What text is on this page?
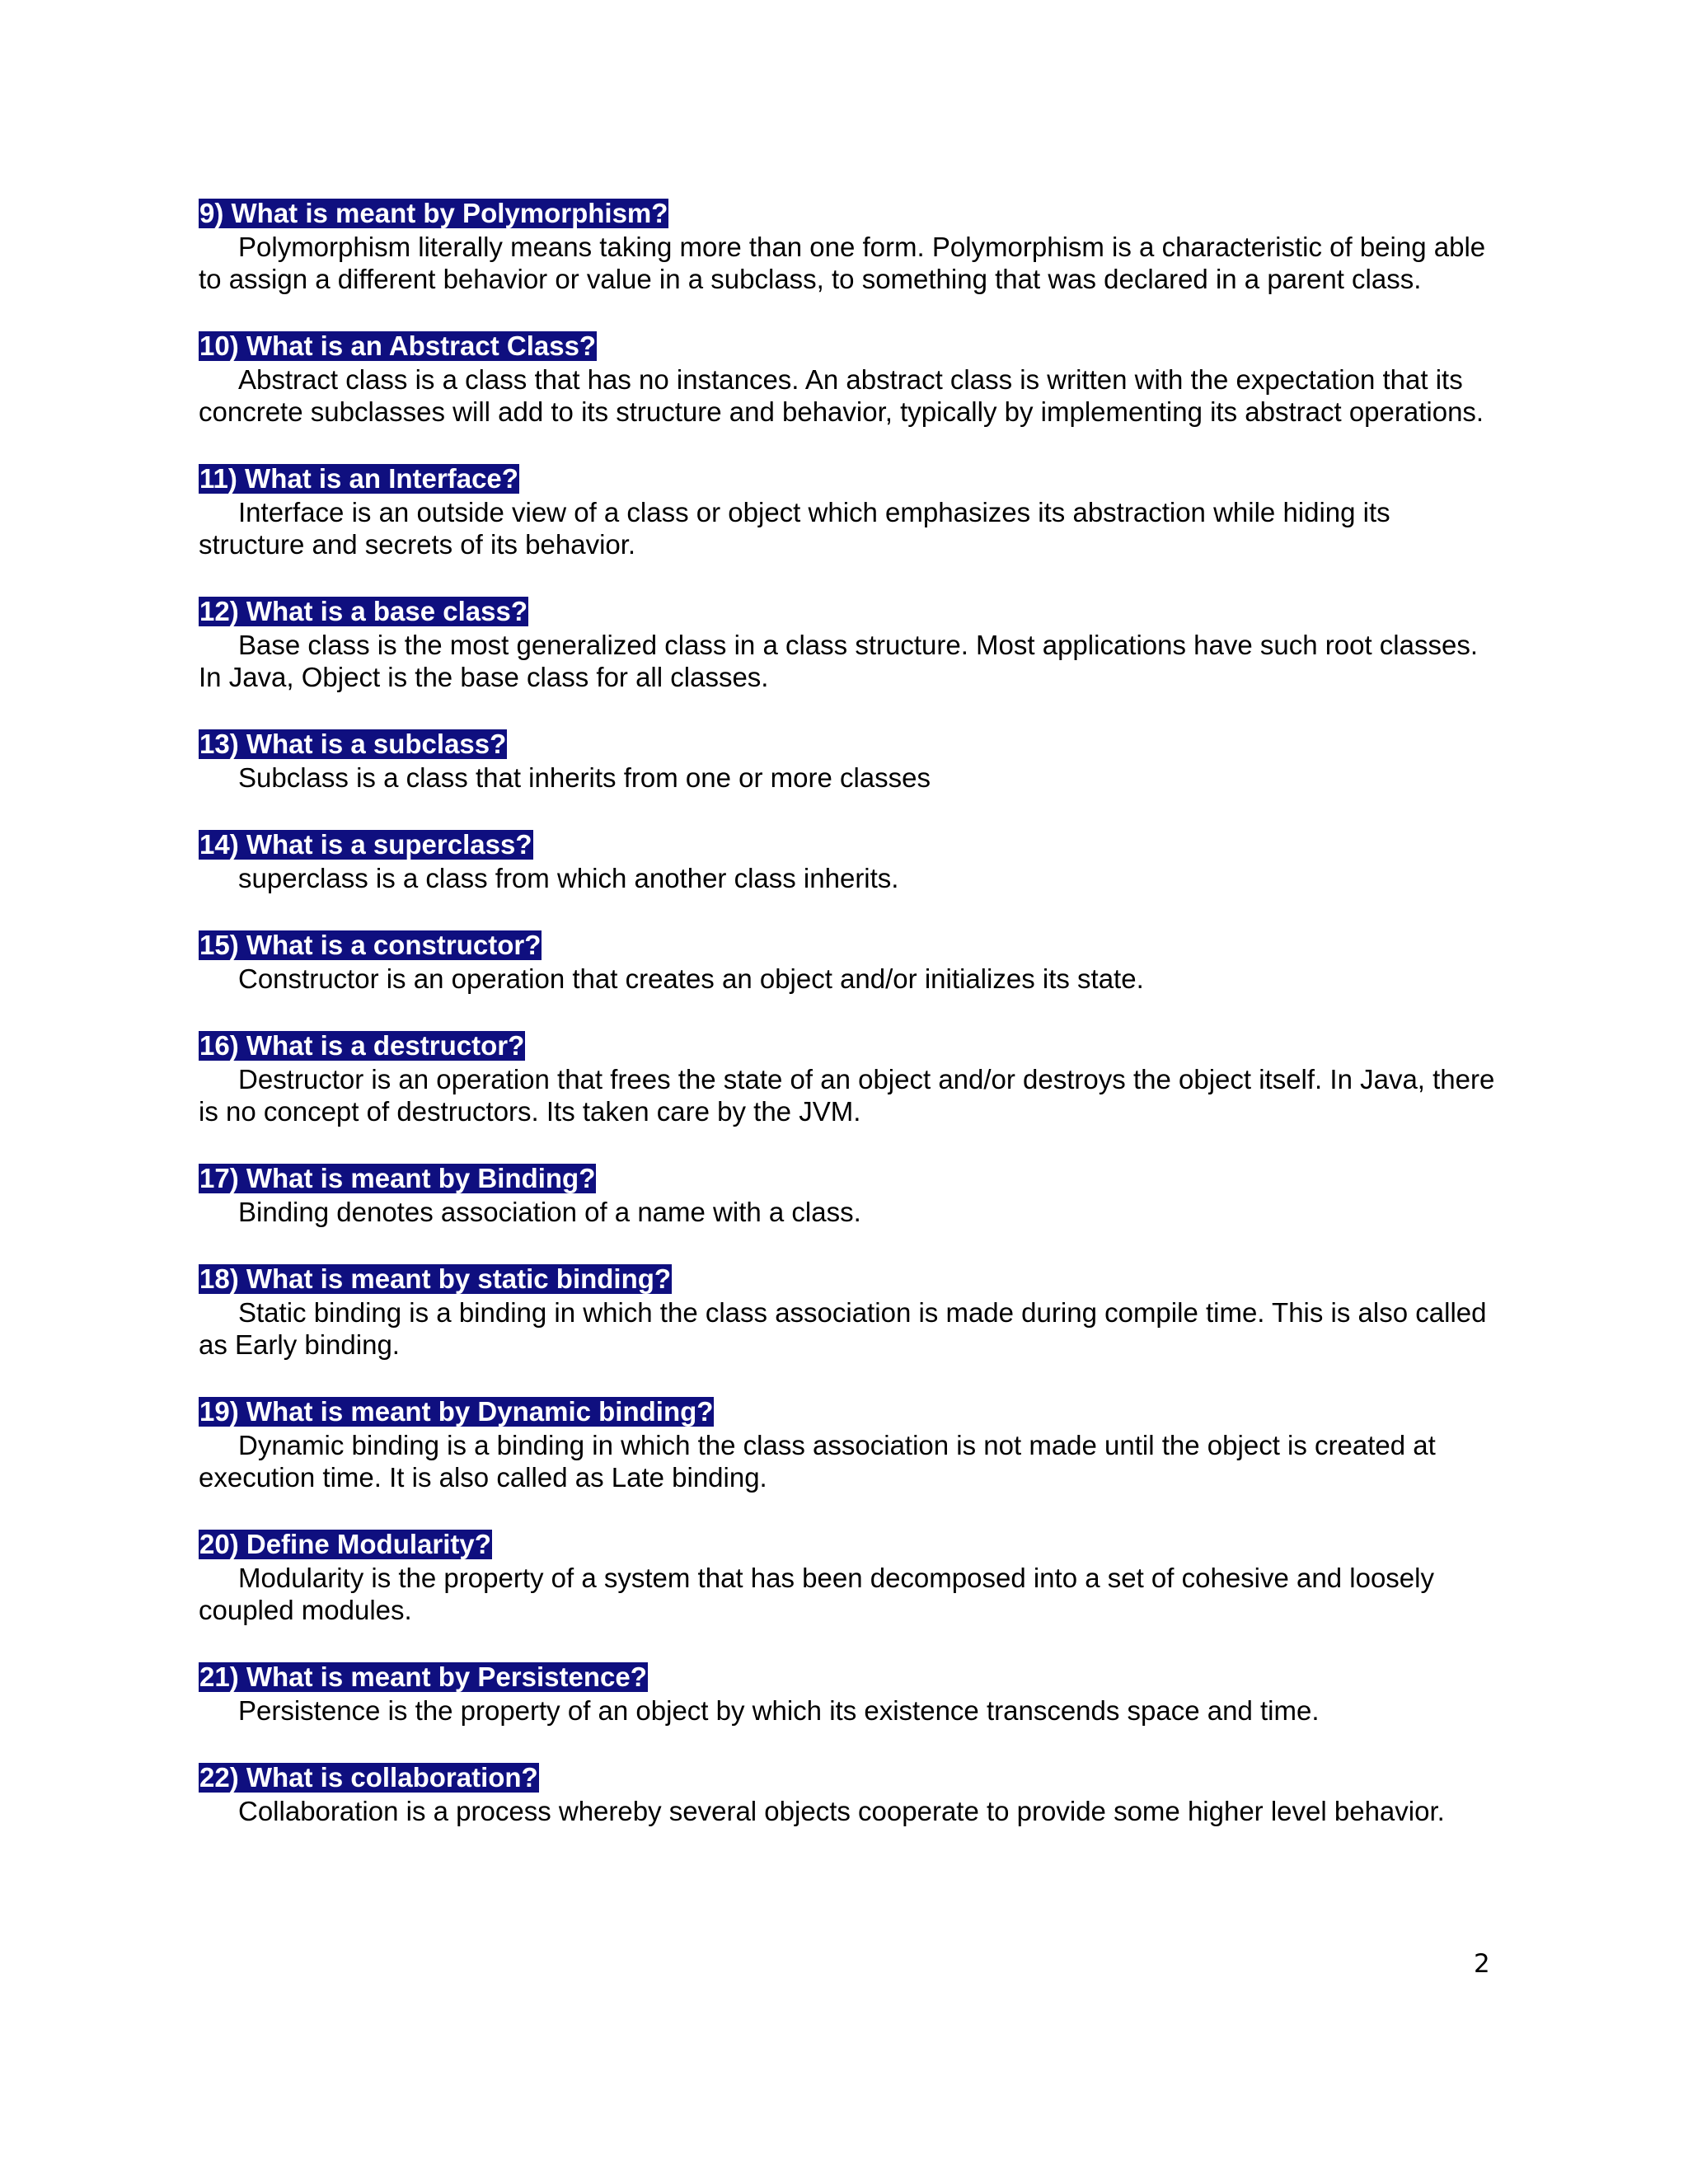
9) What is meant by Polymorphism?

Polymorphism literally means taking more than one form. Polymorphism is a characteristic of being able to assign a different behavior or value in a subclass, to something that was declared in a parent class.

10) What is an Abstract Class?

Abstract class is a class that has no instances. An abstract class is written with the expectation that its concrete subclasses will add to its structure and behavior, typically by implementing its abstract operations.

11) What is an Interface?

Interface is an outside view of a class or object which emphasizes its abstraction while hiding its structure and secrets of its behavior.

12) What is a base class?

Base class is the most generalized class in a class structure. Most applications have such root classes. In Java, Object is the base class for all classes.

13) What is a subclass?

Subclass is a class that inherits from one or more classes

14) What is a superclass?

superclass is a class from which another class inherits.

15) What is a constructor?

Constructor is an operation that creates an object and/or initializes its state.

16) What is a destructor?

Destructor is an operation that frees the state of an object and/or destroys the object itself. In Java, there is no concept of destructors. Its taken care by the JVM.

17) What is meant by Binding?

Binding denotes association of a name with a class.

18) What is meant by static binding?

Static binding is a binding in which the class association is made during compile time. This is also called as Early binding.

19) What is meant by Dynamic binding?

Dynamic binding is a binding in which the class association is not made until the object is created at execution time. It is also called as Late binding.

20) Define Modularity?

Modularity is the property of a system that has been decomposed into a set of cohesive and loosely coupled modules.

21) What is meant by Persistence?

Persistence is the property of an object by which its existence transcends space and time.

22) What is collaboration?

Collaboration is a process whereby several objects cooperate to provide some higher level behavior.

2
